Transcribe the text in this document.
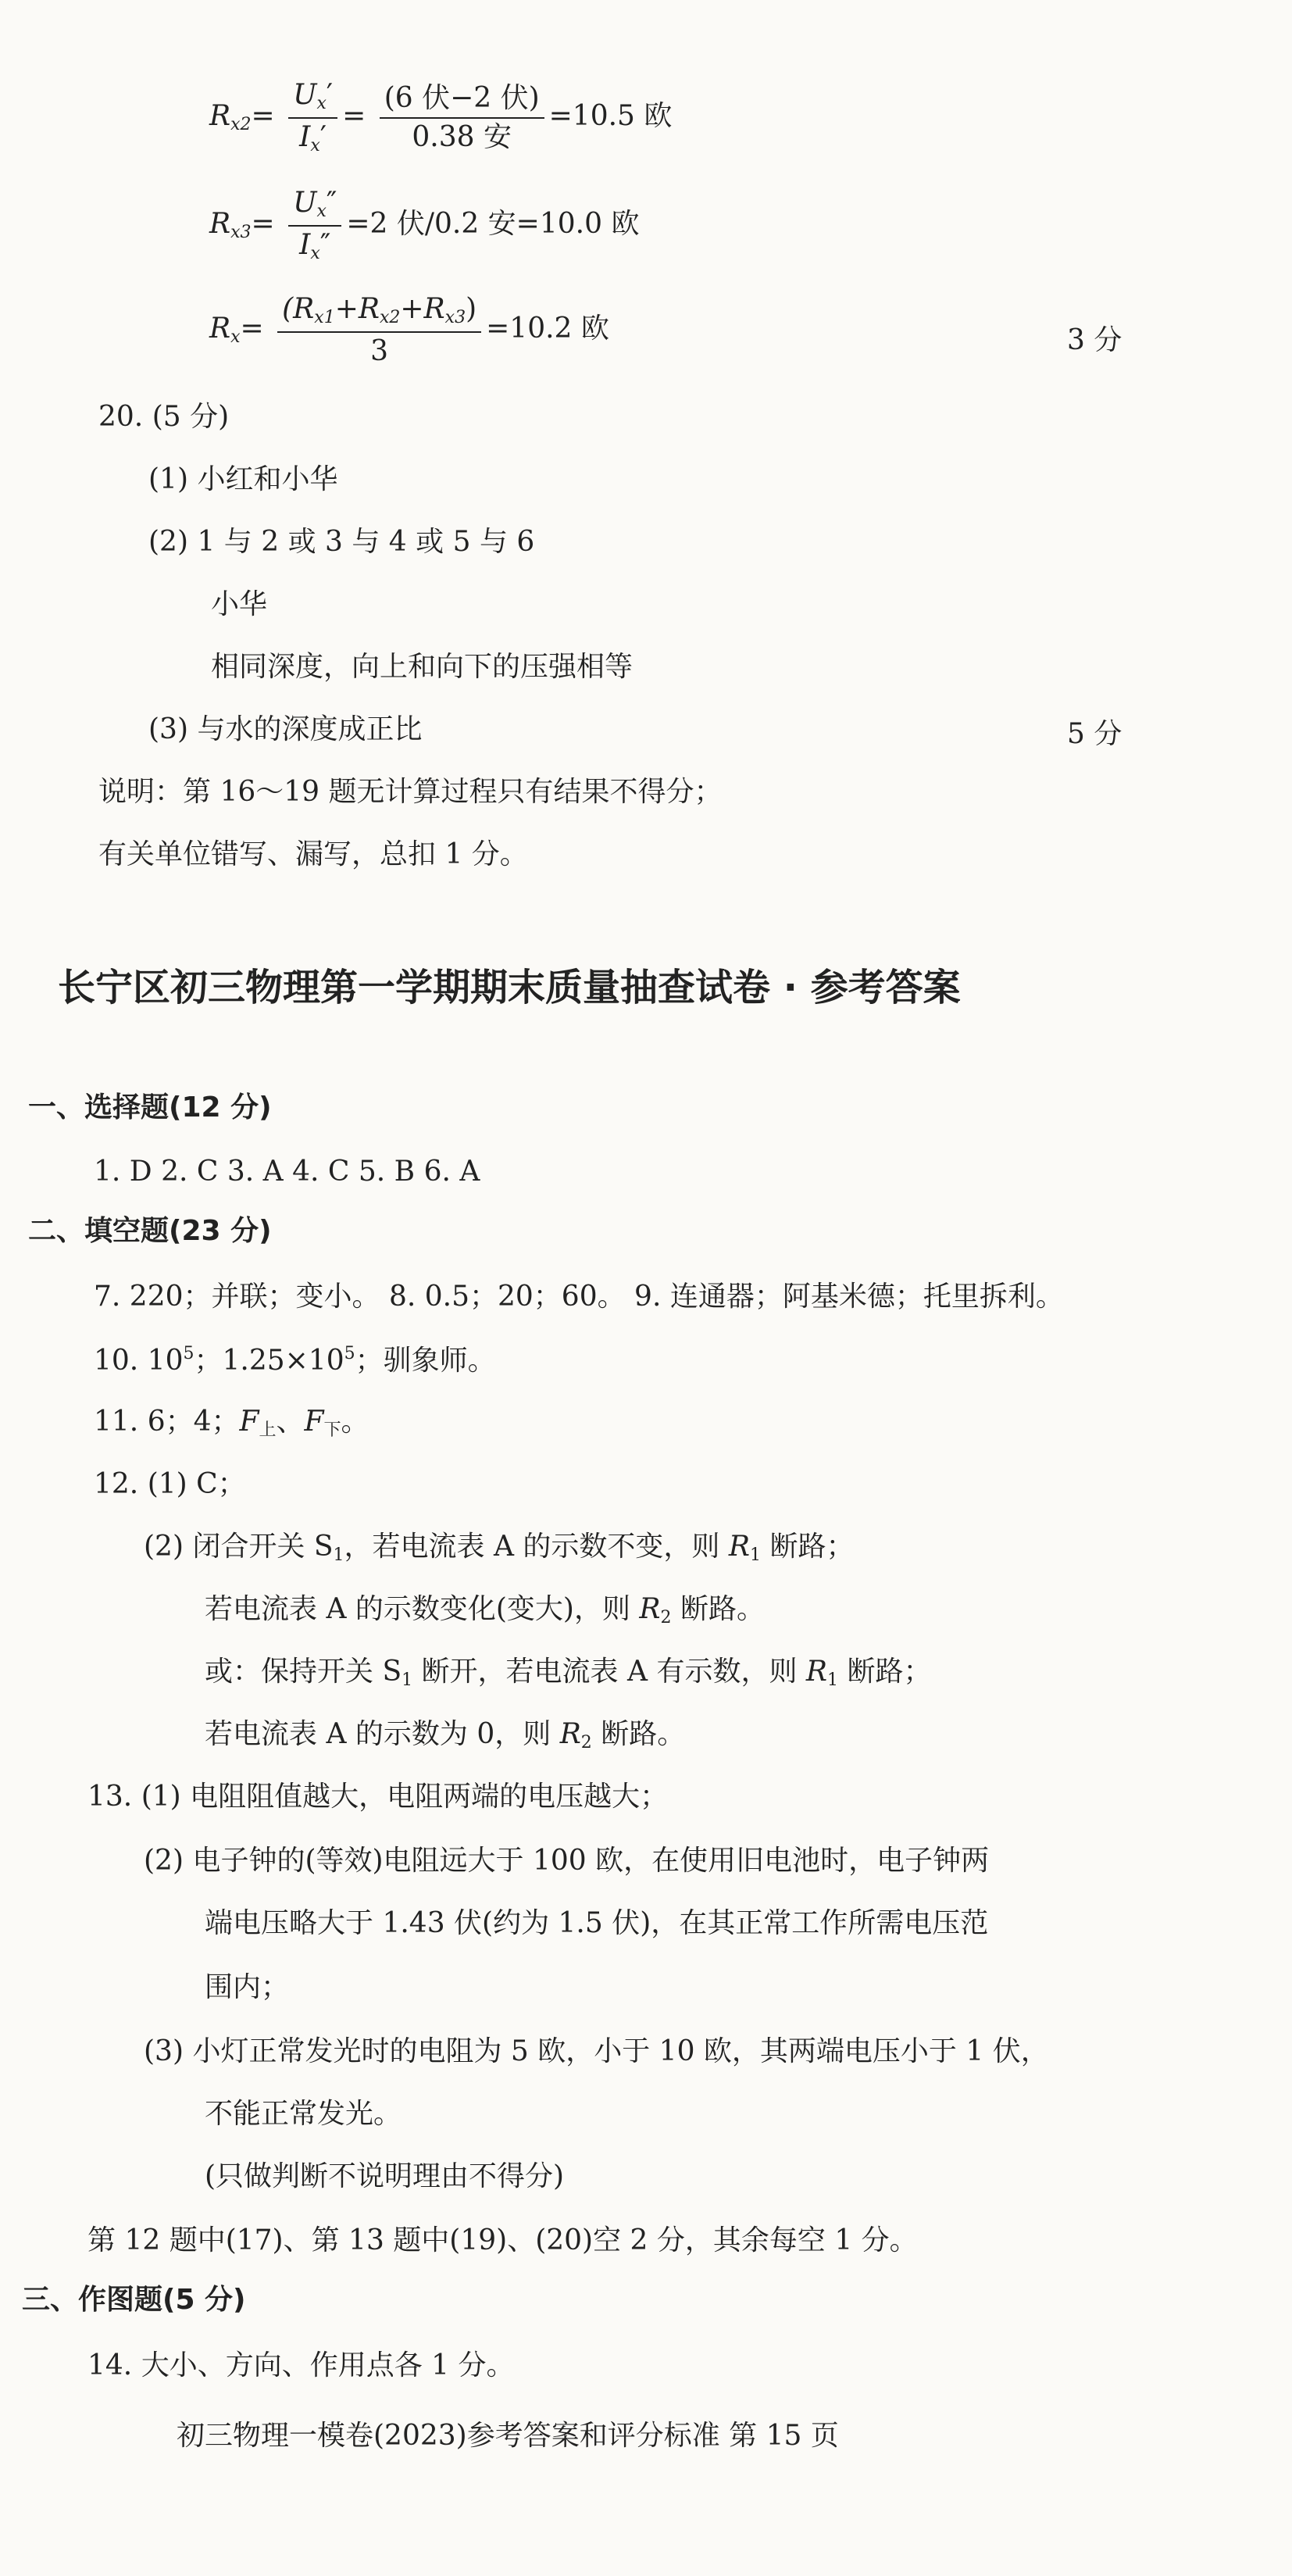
$R_{x2}= \frac{U_x'}{I_x'} = \frac{\text{(6 伏−2 伏)}}{\text{0.38 安}} =10.5$ 欧
$R_{x3}= \frac{U_x''}{I_x''} =2$ 伏/0.2 安=10.0 欧
$R_x= \frac{(R_{x1}+R_{x2}+R_{x3})}{3} =10.2$ 欧	3 分
20. (5 分)
(1) 小红和小华
(2) 1 与 2 或 3 与 4 或 5 与 6
小华
相同深度，向上和向下的压强相等
(3) 与水的深度成正比	5 分
说明：第 16～19 题无计算过程只有结果不得分；
有关单位错写、漏写，总扣 1 分。
长宁区初三物理第一学期期末质量抽查试卷 · 参考答案
一、选择题(12 分)
1. D 2. C 3. A 4. C 5. B 6. A
二、填空题(23 分)
7. 220；并联；变小。 8. 0.5；20；60。 9. 连通器；阿基米德；托里拆利。
10. $10^5$；$1.25\times 10^5$；驯象师。
11. 6；4；$F_上$、$F_下$。
12. (1) C；
(2) 闭合开关 $S_1$，若电流表 A 的示数不变，则 $R_1$ 断路；
若电流表 A 的示数变化(变大)，则 $R_2$ 断路。
或：保持开关 $S_1$ 断开，若电流表 A 有示数，则 $R_1$ 断路；
若电流表 A 的示数为 0，则 $R_2$ 断路。
13. (1) 电阻阻值越大，电阻两端的电压越大；
(2) 电子钟的(等效)电阻远大于 100 欧，在使用旧电池时，电子钟两
端电压略大于 1.43 伏(约为 1.5 伏)，在其正常工作所需电压范
围内；
(3) 小灯正常发光时的电阻为 5 欧，小于 10 欧，其两端电压小于 1 伏，
不能正常发光。
(只做判断不说明理由不得分)
第 12 题中(17)、第 13 题中(19)、(20)空 2 分，其余每空 1 分。
三、作图题(5 分)
14. 大小、方向、作用点各 1 分。
初三物理一模卷(2023)参考答案和评分标准 第 15 页
